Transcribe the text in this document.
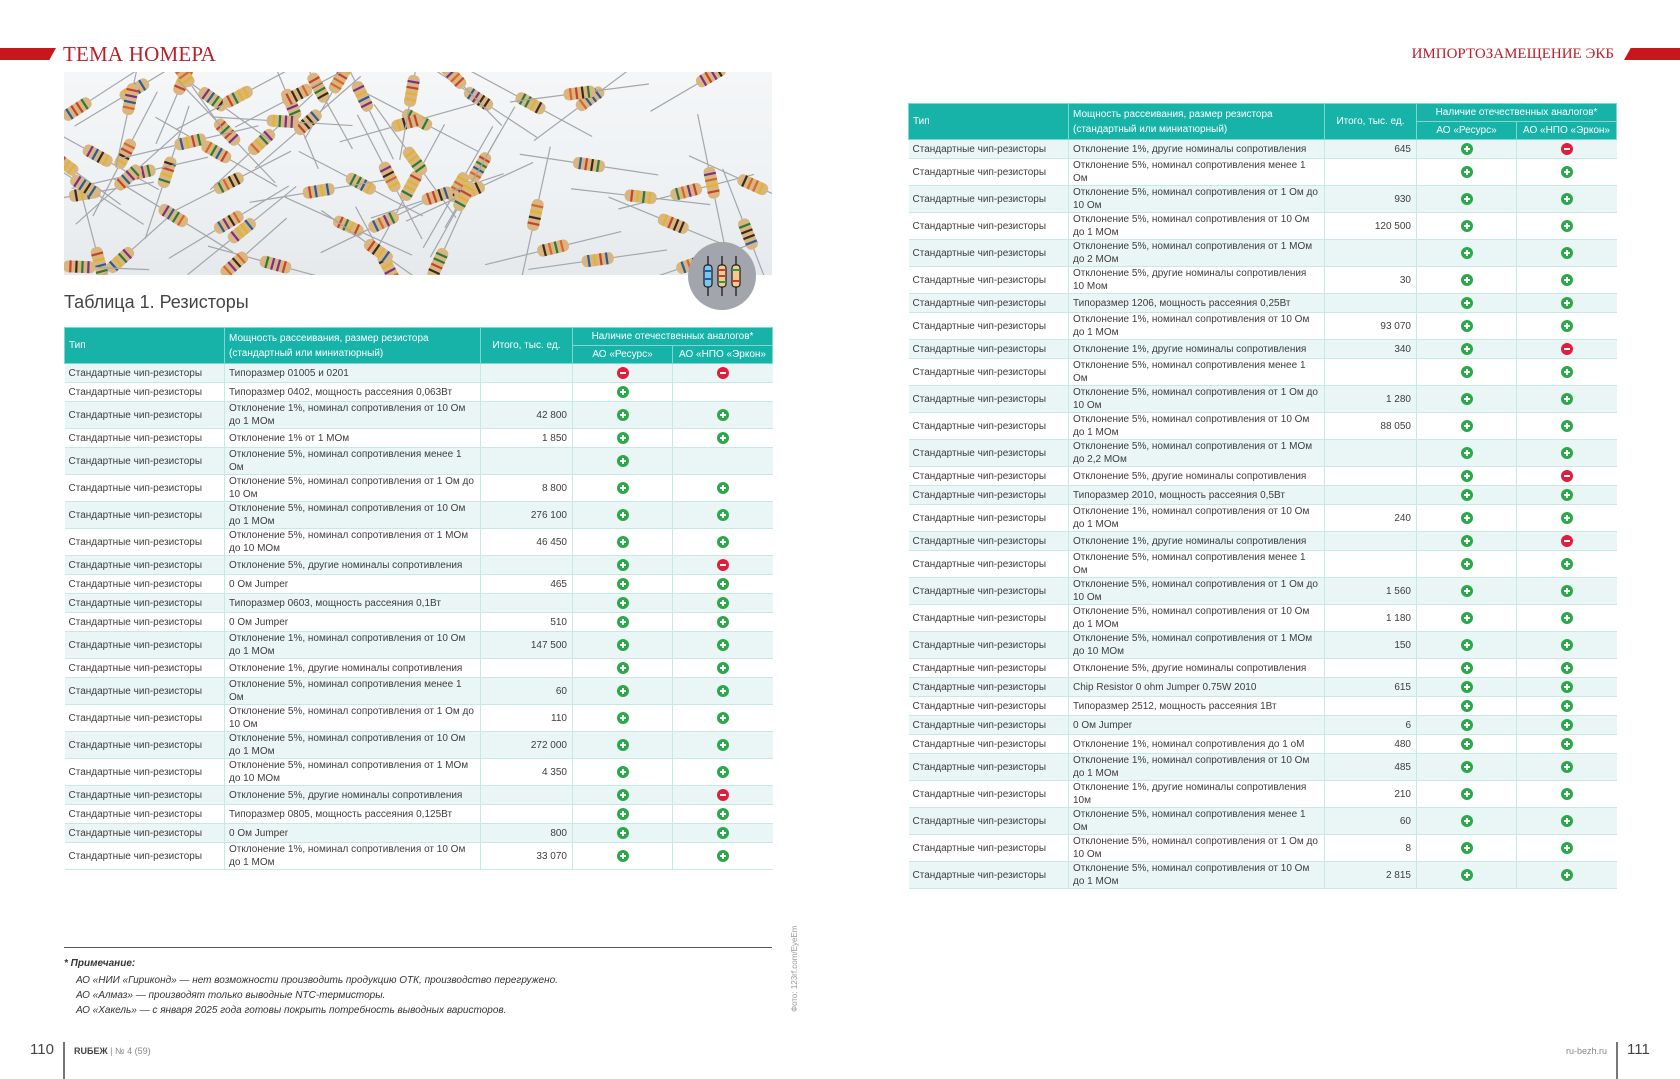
ТЕМА НОМЕРА	ИМПОРТОЗАМЕЩЕНИЕ ЭКБ
Таблица 1. Резисторы
Тип	Мощность рассеивания, размер резистора (стандартный или миниатюрный)	Итого, тыс. ед.	Наличие отечественных аналогов*	
			АО «Ресурс»	АО «НПО «Эркон»
Стандартные чип-резисторы	Типоразмер 01005 и 0201			
Стандартные чип-резисторы	Типоразмер 0402, мощность рассеяния 0,063Вт			
Стандартные чип-резисторы	Отклонение 1%, номинал сопротивления от 10 Ом до 1 МОм	42 800		
Стандартные чип-резисторы	Отклонение 1% от 1 МОм	1 850		
Стандартные чип-резисторы	Отклонение 5%, номинал сопротивления менее 1 Ом			
Стандартные чип-резисторы	Отклонение 5%, номинал сопротивления от 1 Ом до 10 Ом	8 800		
Стандартные чип-резисторы	Отклонение 5%, номинал сопротивления от 10 Ом до 1 МОм	276 100		
Стандартные чип-резисторы	Отклонение 5%, номинал сопротивления от 1 МОм до 10 МОм	46 450		
Стандартные чип-резисторы	Отклонение 5%, другие номиналы сопротивления			
Стандартные чип-резисторы	0 Ом Jumper	465		
Стандартные чип-резисторы	Типоразмер 0603, мощность рассеяния 0,1Вт			
Стандартные чип-резисторы	0 Ом Jumper	510		
Стандартные чип-резисторы	Отклонение 1%, номинал сопротивления от 10 Ом до 1 МОм	147 500		
Стандартные чип-резисторы	Отклонение 1%, другие номиналы сопротивления			
Стандартные чип-резисторы	Отклонение 5%, номинал сопротивления менее 1 Ом	60		
Стандартные чип-резисторы	Отклонение 5%, номинал сопротивления от 1 Ом до 10 Ом	110		
Стандартные чип-резисторы	Отклонение 5%, номинал сопротивления от 10 Ом до 1 МОм	272 000		
Стандартные чип-резисторы	Отклонение 5%, номинал сопротивления от 1 МОм до 10 МОм	4 350		
Стандартные чип-резисторы	Отклонение 5%, другие номиналы сопротивления			
Стандартные чип-резисторы	Типоразмер 0805, мощность рассеяния 0,125Вт			
Стандартные чип-резисторы	0 Ом Jumper	800		
Стандартные чип-резисторы	Отклонение 1%, номинал сопротивления от 10 Ом до 1 МОм	33 070		
Тип	Мощность рассеивания, размер резистора (стандартный или миниатюрный)	Итого, тыс. ед.	Наличие отечественных аналогов*	
			АО «Ресурс»	АО «НПО «Эркон»
Стандартные чип-резисторы	Отклонение 1%, другие номиналы сопротивления	645		
Стандартные чип-резисторы	Отклонение 5%, номинал сопротивления менее 1 Ом			
Стандартные чип-резисторы	Отклонение 5%, номинал сопротивления от 1 Ом до 10 Ом	930		
Стандартные чип-резисторы	Отклонение 5%, номинал сопротивления от 10 Ом до 1 МОм	120 500		
Стандартные чип-резисторы	Отклонение 5%, номинал сопротивления от 1 МОм до 2 МОм			
Стандартные чип-резисторы	Отклонение 5%, другие номиналы сопротивления 10 Мом	30		
Стандартные чип-резисторы	Типоразмер 1206, мощность рассеяния 0,25Вт			
Стандартные чип-резисторы	Отклонение 1%, номинал сопротивления от 10 Ом до 1 МОм	93 070		
Стандартные чип-резисторы	Отклонение 1%, другие номиналы сопротивления	340		
Стандартные чип-резисторы	Отклонение 5%, номинал сопротивления менее 1 Ом			
Стандартные чип-резисторы	Отклонение 5%, номинал сопротивления от 1 Ом до 10 Ом	1 280		
Стандартные чип-резисторы	Отклонение 5%, номинал сопротивления от 10 Ом до 1 МОм	88 050		
Стандартные чип-резисторы	Отклонение 5%, номинал сопротивления от 1 МОм до 2,2 МОм			
Стандартные чип-резисторы	Отклонение 5%, другие номиналы сопротивления			
Стандартные чип-резисторы	Типоразмер 2010, мощность рассеяния 0,5Вт			
Стандартные чип-резисторы	Отклонение 1%, номинал сопротивления от 10 Ом до 1 МОм	240		
Стандартные чип-резисторы	Отклонение 1%, другие номиналы сопротивления			
Стандартные чип-резисторы	Отклонение 5%, номинал сопротивления менее 1 Ом			
Стандартные чип-резисторы	Отклонение 5%, номинал сопротивления от 1 Ом до 10 Ом	1 560		
Стандартные чип-резисторы	Отклонение 5%, номинал сопротивления от 10 Ом до 1 МОм	1 180		
Стандартные чип-резисторы	Отклонение 5%, номинал сопротивления от 1 МОм до 10 МОм	150		
Стандартные чип-резисторы	Отклонение 5%, другие номиналы сопротивления			
Стандартные чип-резисторы	Chip Resistor 0 ohm Jumper 0.75W 2010	615		
Стандартные чип-резисторы	Типоразмер 2512, мощность рассеяния 1Вт			
Стандартные чип-резисторы	0 Ом Jumper	6		
Стандартные чип-резисторы	Отклонение 1%, номинал сопротивления до 1 оМ	480		
Стандартные чип-резисторы	Отклонение 1%, номинал сопротивления от 10 Ом до 1 МОм	485		
Стандартные чип-резисторы	Отклонение 1%, другие номиналы сопротивления 10м	210		
Стандартные чип-резисторы	Отклонение 5%, номинал сопротивления менее 1 Ом	60		
Стандартные чип-резисторы	Отклонение 5%, номинал сопротивления от 1 Ом до 10 Ом	8		
Стандартные чип-резисторы	Отклонение 5%, номинал сопротивления от 10 Ом до 1 МОм	2 815		
* Примечание:
АО «НИИ «Гириконд» — нет возможности производить продукцию ОТК, производство перегружено.
АО «Алмаз» — производят только выводные NTC-термисторы.
АО «Хакель» — с января 2025 года готовы покрыть потребность выводных варисторов.	Фото: 123rf.com/EyeEm
110 RUБЕЖ | № 4 (59)	ru-bezh.ru 111
